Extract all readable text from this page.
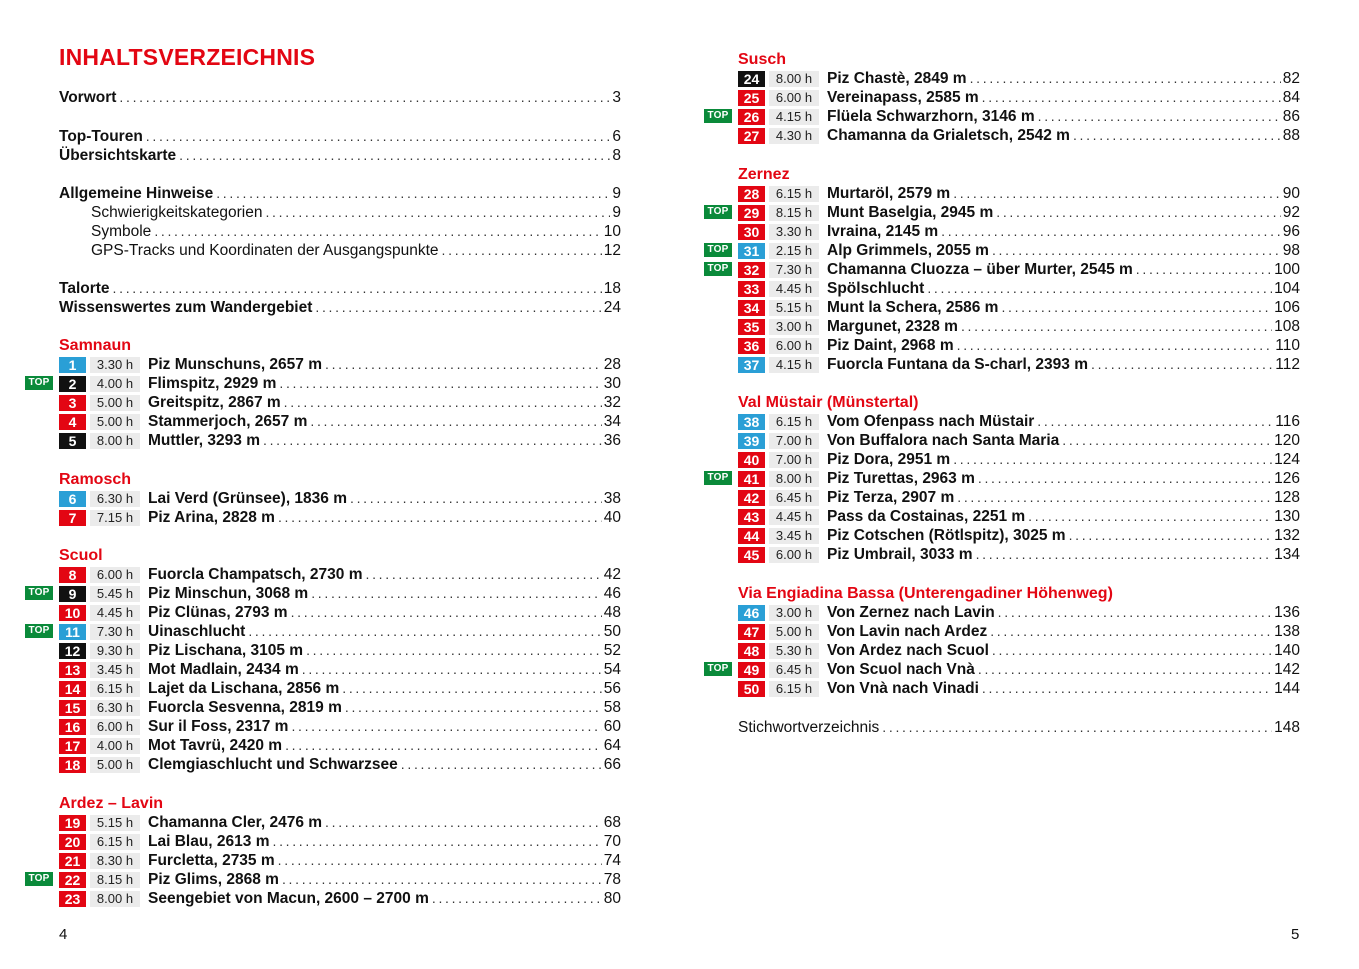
INHALTSVERZEICHNIS
Vorwort . . .	3
Top-Touren . . .	6
Übersichtskarte . . .	8
Allgemeine Hinweise . . .	9
Schwierigkeitskategorien . . .	9
Symbole . . .	10
GPS-Tracks und Koordinaten der Ausgangspunkte . . .	12
Talorte . . .	18
Wissenswertes zum Wandergebiet . . .	24
Samnaun
1	3.30 h Piz Munschuns, 2657 m . . .	28
TOP	2	4.00 h Flimspitz, 2929 m . . .	30
3	5.00 h Greitspitz, 2867 m . . .	32
4	5.00 h Stammerjoch, 2657 m . . .	34
5	8.00 h Muttler, 3293 m . . .	36
Ramosch
6	6.30 h Lai Verd (Grünsee), 1836 m . . .	38
7	7.15 h Piz Arina, 2828 m . . .	40
Scuol
8	6.00 h Fuorcla Champatsch, 2730 m . . .	42
TOP	9	5.45 h Piz Minschun, 3068 m . . .	46
10	4.45 h Piz Clünas, 2793 m . . .	48
TOP	11	7.30 h Uinaschlucht . . .	50
12	9.30 h Piz Lischana, 3105 m . . .	52
13	3.45 h Mot Madlain, 2434 m . . .	54
14	6.15 h Lajet da Lischana, 2856 m . . .	56
15	6.30 h Fuorcla Sesvenna, 2819 m . . .	58
16	6.00 h Sur il Foss, 2317 m . . .	60
17	4.00 h Mot Tavrü, 2420 m . . .	64
18	5.00 h Clemgiaschlucht und Schwarzsee . . .	66
Ardez – Lavin
19	5.15 h Chamanna Cler, 2476 m . . .	68
20	6.15 h Lai Blau, 2613 m . . .	70
21	8.30 h Furcletta, 2735 m . . .	74
TOP	22	8.15 h Piz Glims, 2868 m . . .	78
23	8.00 h Seengebiet von Macun, 2600 – 2700 m . . .	80
Susch
24	8.00 h Piz Chastè, 2849 m . . .	82
25	6.00 h Vereinapass, 2585 m . . .	84
TOP	26	4.15 h Flüela Schwarzhorn, 3146 m . . .	86
27	4.30 h Chamanna da Grialetsch, 2542 m . . .	88
Zernez
28	6.15 h Murtaröl, 2579 m . . .	90
TOP	29	8.15 h Munt Baselgia, 2945 m . . .	92
30	3.30 h Ivraina, 2145 m . . .	96
TOP	31	2.15 h Alp Grimmels, 2055 m . . .	98
TOP	32	7.30 h Chamanna Cluozza – über Murter, 2545 m . . .	100
33	4.45 h Spölschlucht . . .	104
34	5.15 h Munt la Schera, 2586 m . . .	106
35	3.00 h Margunet, 2328 m . . .	108
36	6.00 h Piz Daint, 2968 m . . .	110
37	4.15 h Fuorcla Funtana da S-charl, 2393 m . . .	112
Val Müstair (Münstertal)
38	6.15 h Vom Ofenpass nach Müstair . . .	116
39	7.00 h Von Buffalora nach Santa Maria . . .	120
40	7.00 h Piz Dora, 2951 m . . .	124
TOP	41	8.00 h Piz Turettas, 2963 m . . .	126
42	6.45 h Piz Terza, 2907 m . . .	128
43	4.45 h Pass da Costainas, 2251 m . . .	130
44	3.45 h Piz Cotschen (Rötlspitz), 3025 m . . .	132
45	6.00 h Piz Umbrail, 3033 m . . .	134
Via Engiadina Bassa (Unterengadiner Höhenweg)
46	3.00 h Von Zernez nach Lavin . . .	136
47	5.00 h Von Lavin nach Ardez . . .	138
48	5.30 h Von Ardez nach Scuol . . .	140
TOP	49	6.45 h Von Scuol nach Vnà . . .	142
50	6.15 h Von Vnà nach Vinadi . . .	144
Stichwortverzeichnis . . .	148
4	5
